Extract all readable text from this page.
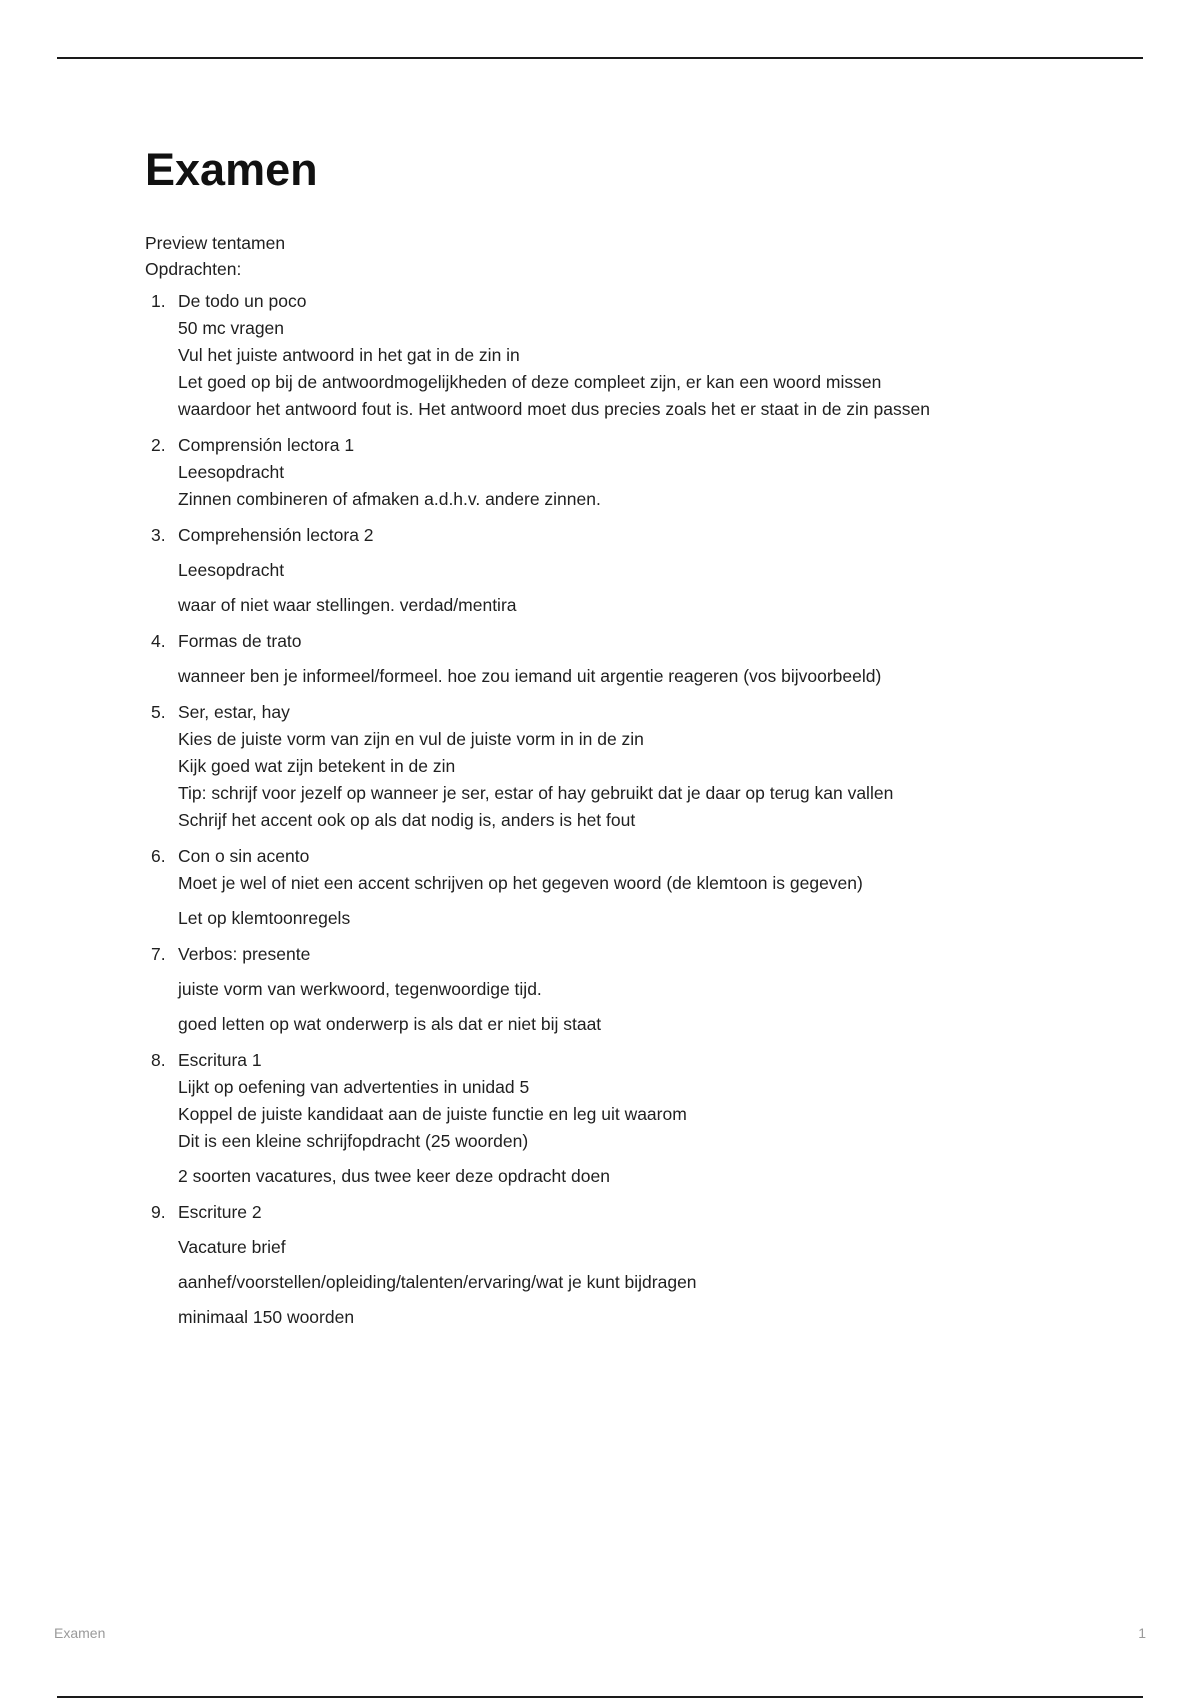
Examen
Preview tentamen
Opdrachten:
1. De todo un poco
50 mc vragen
Vul het juiste antwoord in het gat in de zin in
Let goed op bij de antwoordmogelijkheden of deze compleet zijn, er kan een woord missen
waardoor het antwoord fout is. Het antwoord moet dus precies zoals het er staat in de zin passen
2. Comprensión lectora 1
Leesopdracht
Zinnen combineren of afmaken a.d.h.v. andere zinnen.
3. Comprehensión lectora 2
Leesopdracht
waar of niet waar stellingen. verdad/mentira
4. Formas de trato
wanneer ben je informeel/formeel. hoe zou iemand uit argentie reageren (vos bijvoorbeeld)
5. Ser, estar, hay
Kies de juiste vorm van zijn en vul de juiste vorm in in de zin
Kijk goed wat zijn betekent in de zin
Tip: schrijf voor jezelf op wanneer je ser, estar of hay gebruikt dat je daar op terug kan vallen
Schrijf het accent ook op als dat nodig is, anders is het fout
6. Con o sin acento
Moet je wel of niet een accent schrijven op het gegeven woord (de klemtoon is gegeven)
Let op klemtoonregels
7. Verbos: presente
juiste vorm van werkwoord, tegenwoordige tijd.
goed letten op wat onderwerp is als dat er niet bij staat
8. Escritura 1
Lijkt op oefening van advertenties in unidad 5
Koppel de juiste kandidaat aan de juiste functie en leg uit waarom
Dit is een kleine schrijfopdracht (25 woorden)
2 soorten vacatures, dus twee keer deze opdracht doen
9. Escriture 2
Vacature brief
aanhef/voorstellen/opleiding/talenten/ervaring/wat je kunt bijdragen
minimaal 150 woorden
Examen	1
